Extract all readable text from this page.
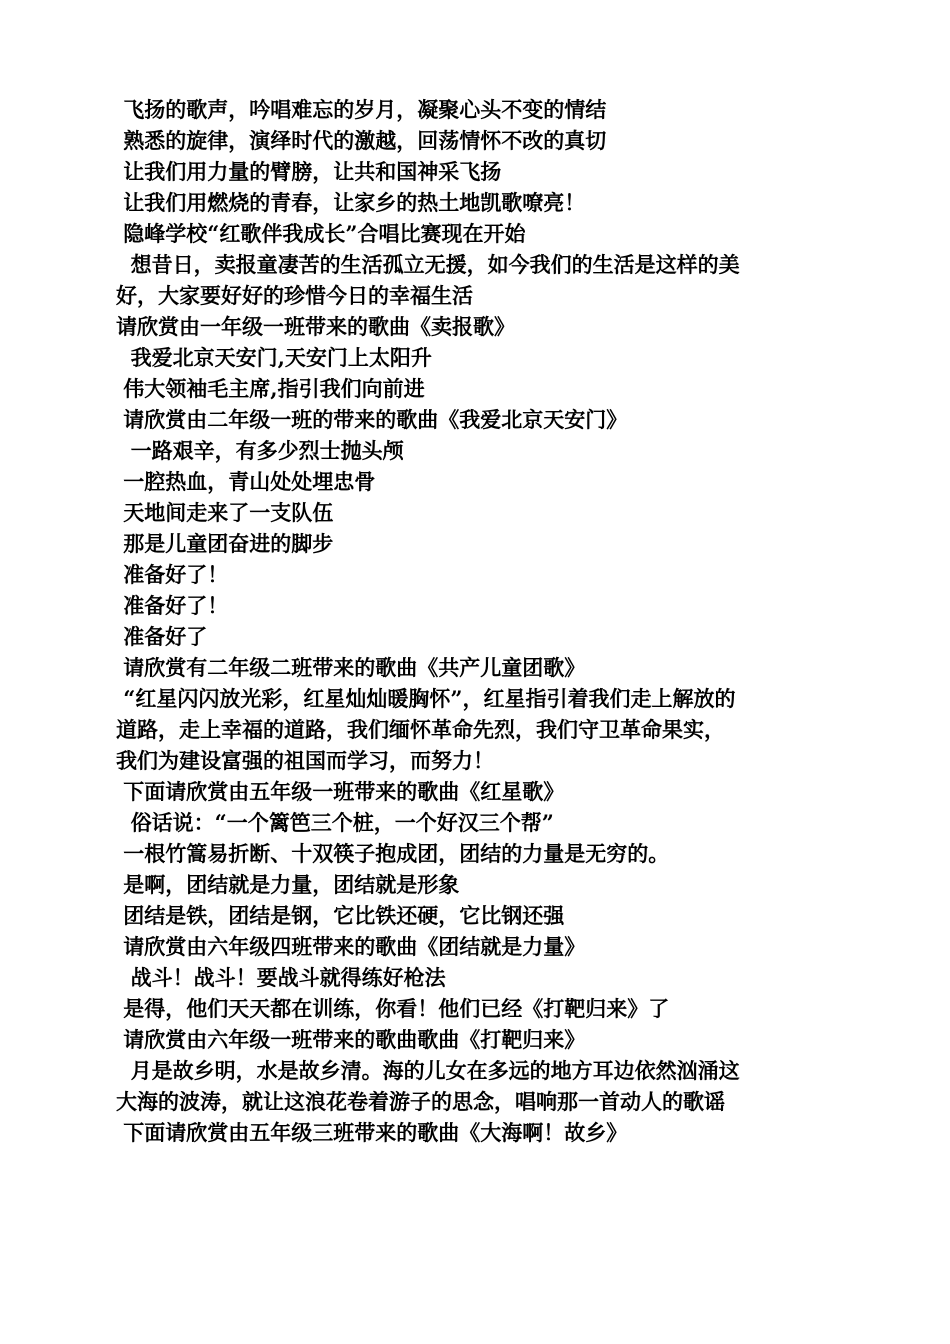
飞扬的歌声，吟唱难忘的岁月，凝聚心头不变的情结
熟悉的旋律，演绎时代的激越，回荡情怀不改的真切
让我们用力量的臂膀，让共和国神采飞扬
让我们用燃烧的青春，让家乡的热土地凯歌嘹亮！
隐峰学校“红歌伴我成长”合唱比赛现在开始
想昔日，卖报童凄苦的生活孤立无援，如今我们的生活是这样的美
好，大家要好好的珍惜今日的幸福生活
请欣赏由一年级一班带来的歌曲《卖报歌》
我爱北京天安门,天安门上太阳升
伟大领袖毛主席,指引我们向前进
请欣赏由二年级一班的带来的歌曲《我爱北京天安门》
一路艰辛，有多少烈士抛头颅
一腔热血，青山处处埋忠骨
天地间走来了一支队伍
那是儿童团奋进的脚步
准备好了！
准备好了！
准备好了
请欣赏有二年级二班带来的歌曲《共产儿童团歌》
“红星闪闪放光彩，红星灿灿暖胸怀”，红星指引着我们走上解放的
道路，走上幸福的道路，我们缅怀革命先烈，我们守卫革命果实，
我们为建设富强的祖国而学习，而努力！
下面请欣赏由五年级一班带来的歌曲《红星歌》
俗话说：“一个篱笆三个桩，一个好汉三个帮”
一根竹篙易折断、十双筷子抱成团，团结的力量是无穷的。
是啊，团结就是力量，团结就是形象
团结是铁，团结是钢，它比铁还硬，它比钢还强
请欣赏由六年级四班带来的歌曲《团结就是力量》
战斗！战斗！要战斗就得练好枪法
是得，他们天天都在训练，你看！他们已经《打靶归来》了
请欣赏由六年级一班带来的歌曲歌曲《打靶归来》
月是故乡明，水是故乡清。海的儿女在多远的地方耳边依然汹涌这
大海的波涛，就让这浪花卷着游子的思念，唱响那一首动人的歌谣
下面请欣赏由五年级三班带来的歌曲《大海啊！故乡》
